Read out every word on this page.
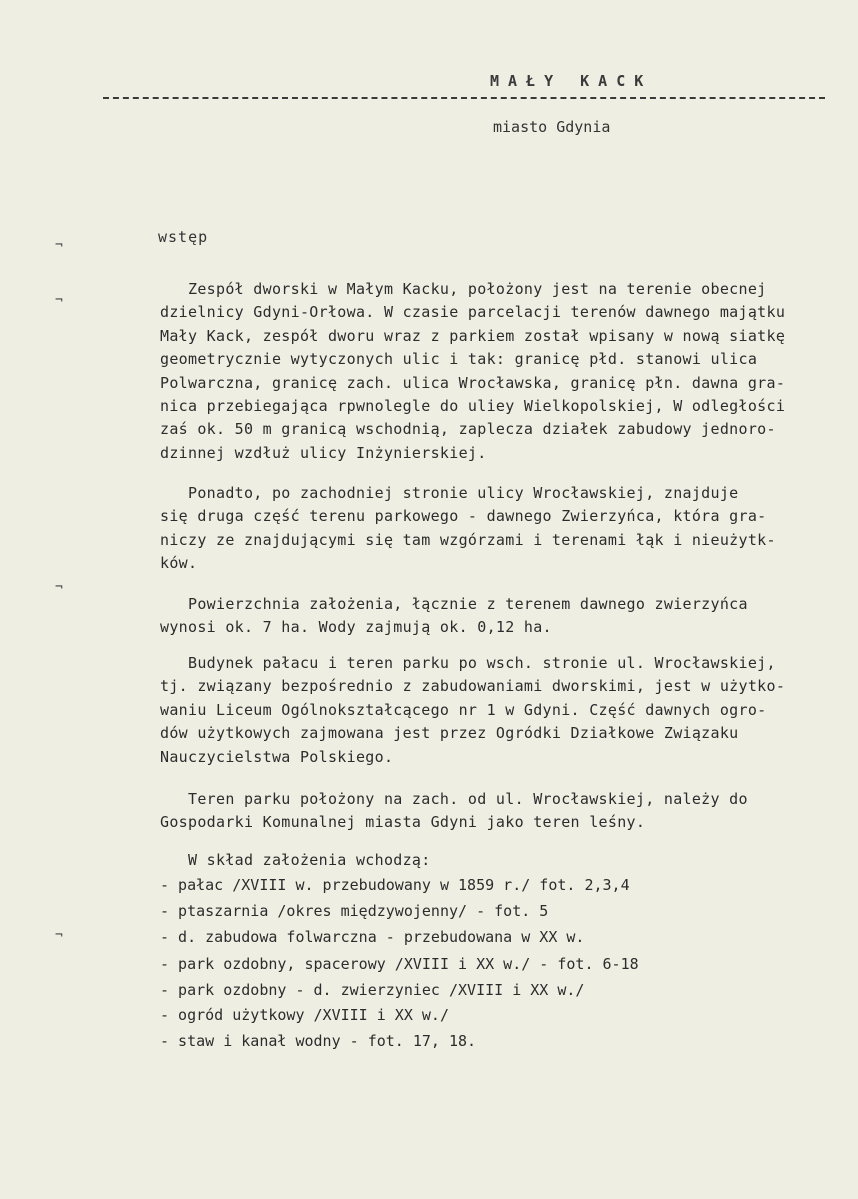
MAŁY KACK
miasto Gdynia
wstęp
¬
¬
¬
¬
Zespół dworski w Małym Kacku, położony jest na terenie obecnej
dzielnicy Gdyni-Orłowa. W czasie parcelacji terenów dawnego majątku
Mały Kack, zespół dworu wraz z parkiem został wpisany w nową siatkę
geometrycznie wytyczonych ulic i tak: granicę płd. stanowi ulica
Polwarczna, granicę zach. ulica Wrocławska, granicę płn. dawna gra-
nica przebiegająca rpwnolegle do uliey Wielkopolskiej, W odległości
zaś ok. 50 m granicą wschodnią, zaplecza działek zabudowy jednoro-
dzinnej wzdłuż ulicy Inżynierskiej.
Ponadto, po zachodniej stronie ulicy Wrocławskiej, znajduje
się druga część terenu parkowego - dawnego Zwierzyńca, która gra-
niczy ze znajdującymi się tam wzgórzami i terenami łąk i nieużytk-
ków.
Powierzchnia założenia, łącznie z terenem dawnego zwierzyńca
wynosi ok. 7 ha. Wody zajmują ok. 0,12 ha.
Budynek pałacu i teren parku po wsch. stronie ul. Wrocławskiej,
tj. związany bezpośrednio z zabudowaniami dworskimi, jest w użytko-
waniu Liceum Ogólnokształcącego nr 1 w Gdyni. Część dawnych ogro-
dów użytkowych zajmowana jest przez Ogródki Działkowe Związaku
Nauczycielstwa Polskiego.
Teren parku położony na zach. od ul. Wrocławskiej, należy do
Gospodarki Komunalnej miasta Gdyni jako teren leśny.
W skład założenia wchodzą:
- pałac /XVIII w. przebudowany w 1859 r./ fot. 2,3,4
- ptaszarnia /okres międzywojenny/ - fot. 5
- d. zabudowa folwarczna - przebudowana w XX w.
- park ozdobny, spacerowy /XVIII i XX w./ - fot. 6-18
- park ozdobny - d. zwierzyniec /XVIII i XX w./
- ogród użytkowy /XVIII i XX w./
- staw i kanał wodny - fot. 17, 18.
